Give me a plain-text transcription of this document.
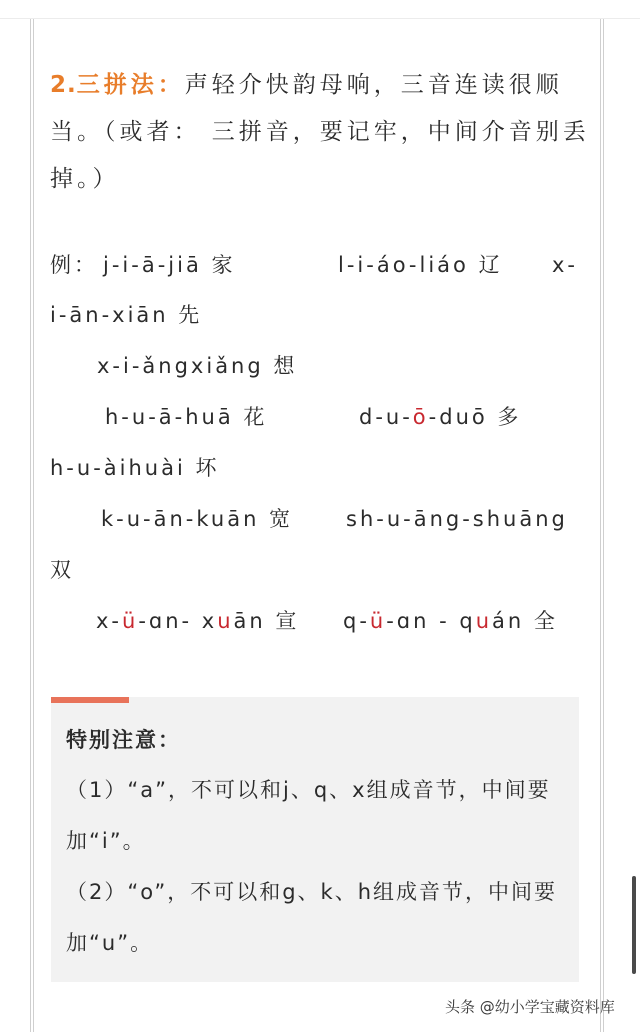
2.三拼法：声轻介快韵母响，三音连读很顺当。（或者： 三拼音，要记牢，中间介音别丢掉。）
例： j-i-ā-jiā 家	l-i-áo-liáo 辽 x-
i-ān-xiān 先
x-i-ǎngxiǎng 想
h-u-ā-huā 花	d-u-ō-duō 多
h-u-àihuài 坏
k-u-ān-kuān 宽	sh-u-āng-shuāng
双
x-ü-ɑn- xuān 宣 q-ü-ɑn - quán 全
特别注意：
（1）“a”，不可以和j、q、x组成音节，中间要加“i”。
（2）“o”，不可以和g、k、h组成音节，中间要加“u”。
头条 @幼小学宝藏资料库
